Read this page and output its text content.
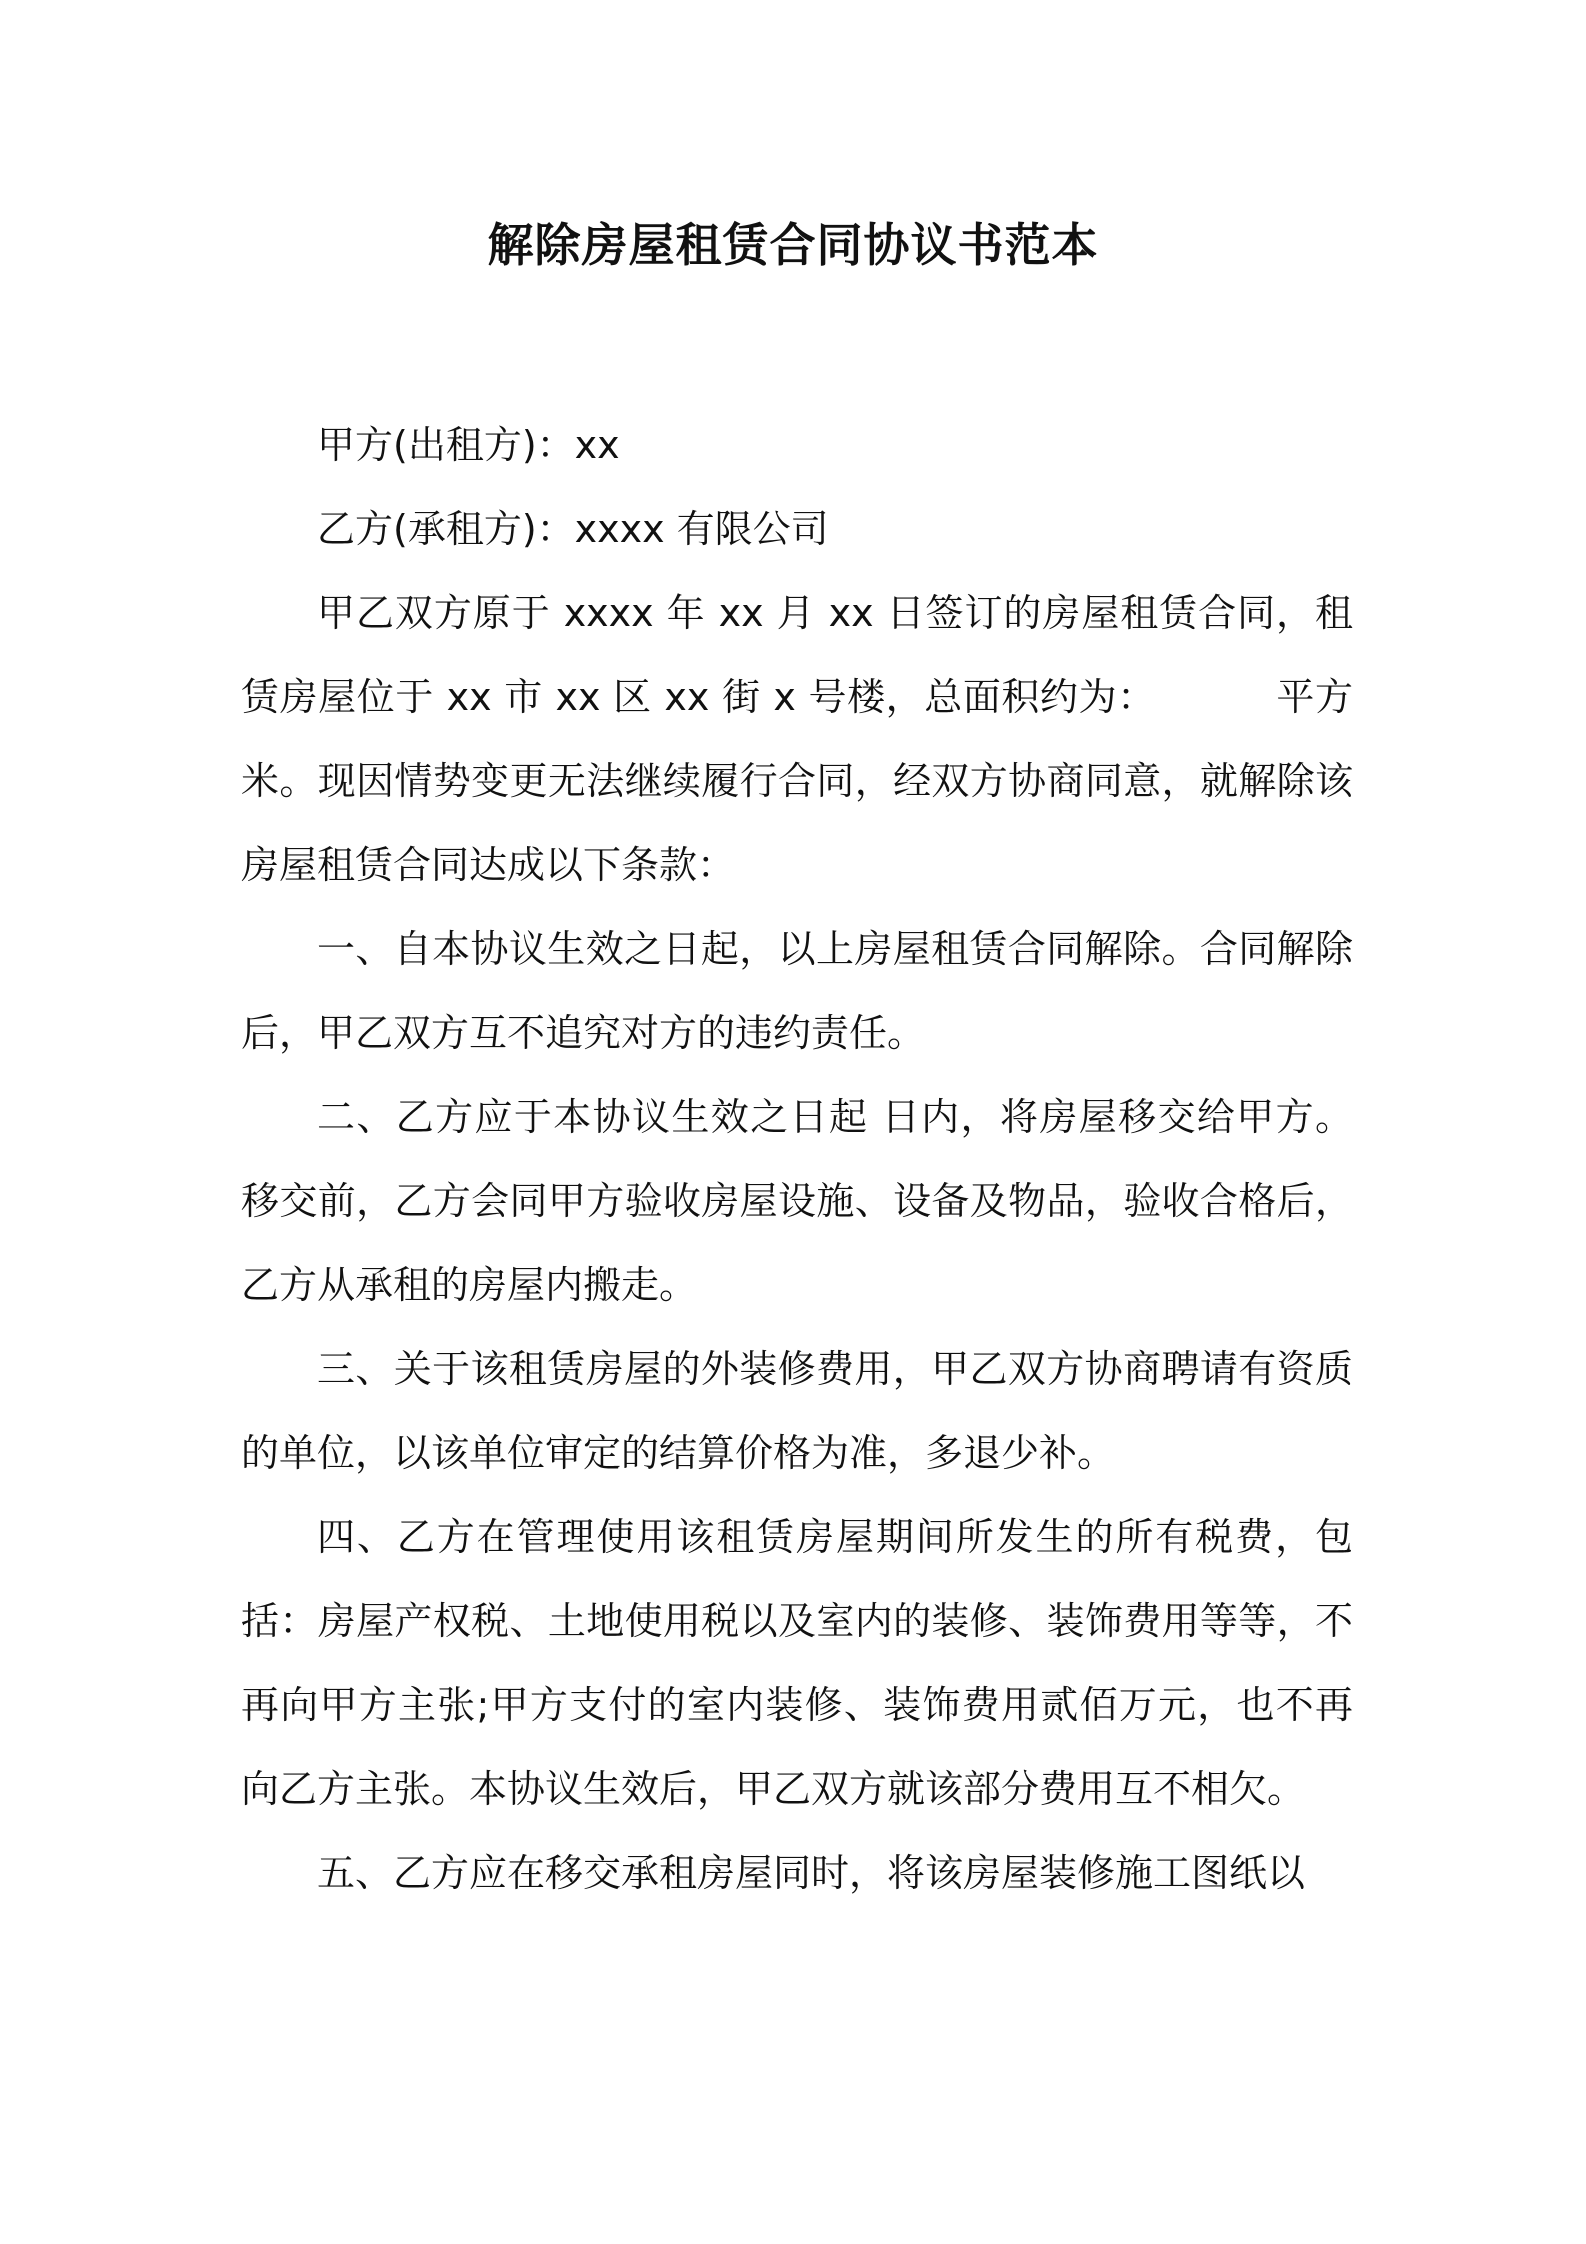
解除房屋租赁合同协议书范本

甲方(出租方)：xx

乙方(承租方)：xxxx 有限公司

甲乙双方原于 xxxx 年 xx 月 xx 日签订的房屋租赁合同，租赁房屋位于 xx 市 xx 区 xx 街 x 号楼，总面积约为：	平方米。现因情势变更无法继续履行合同，经双方协商同意，就解除该房屋租赁合同达成以下条款：

一、自本协议生效之日起，以上房屋租赁合同解除。合同解除后，甲乙双方互不追究对方的违约责任。

二、乙方应于本协议生效之日起 日内，将房屋移交给甲方。移交前，乙方会同甲方验收房屋设施、设备及物品，验收合格后，乙方从承租的房屋内搬走。

三、关于该租赁房屋的外装修费用，甲乙双方协商聘请有资质的单位，以该单位审定的结算价格为准，多退少补。

四、乙方在管理使用该租赁房屋期间所发生的所有税费，包括：房屋产权税、土地使用税以及室内的装修、装饰费用等等，不再向甲方主张;甲方支付的室内装修、装饰费用贰佰万元，也不再向乙方主张。本协议生效后，甲乙双方就该部分费用互不相欠。

五、乙方应在移交承租房屋同时，将该房屋装修施工图纸以
